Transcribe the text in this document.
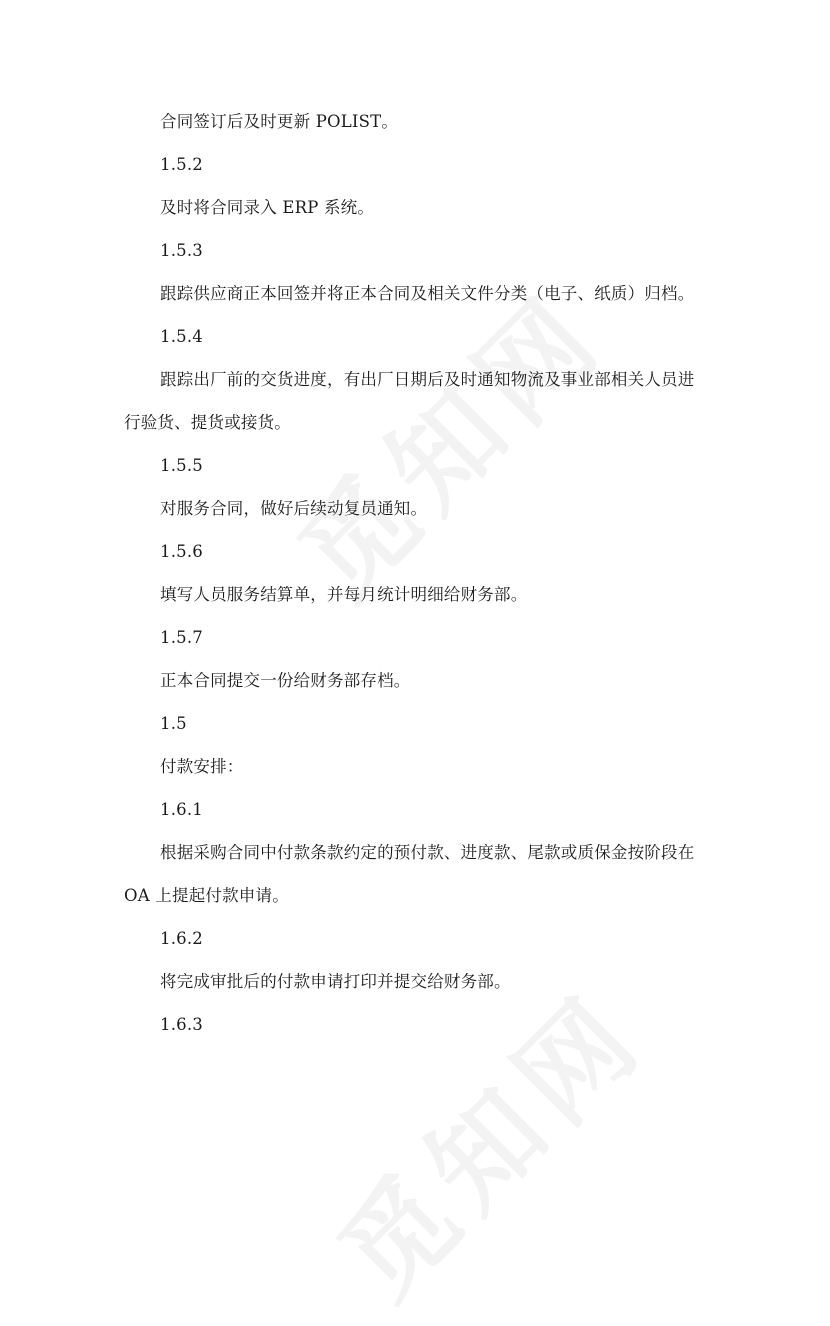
合同签订后及时更新 POLIST。

1.5.2

及时将合同录入 ERP 系统。

1.5.3

跟踪供应商正本回签并将正本合同及相关文件分类（电子、纸质）归档。

1.5.4

跟踪出厂前的交货进度，有出厂日期后及时通知物流及事业部相关人员进

行验货、提货或接货。

1.5.5

对服务合同，做好后续动复员通知。

1.5.6

填写人员服务结算单，并每月统计明细给财务部。

1.5.7

正本合同提交一份给财务部存档。

1.5

付款安排：

1.6.1

根据采购合同中付款条款约定的预付款、进度款、尾款或质保金按阶段在

OA 上提起付款申请。

1.6.2

将完成审批后的付款申请打印并提交给财务部。

1.6.3
